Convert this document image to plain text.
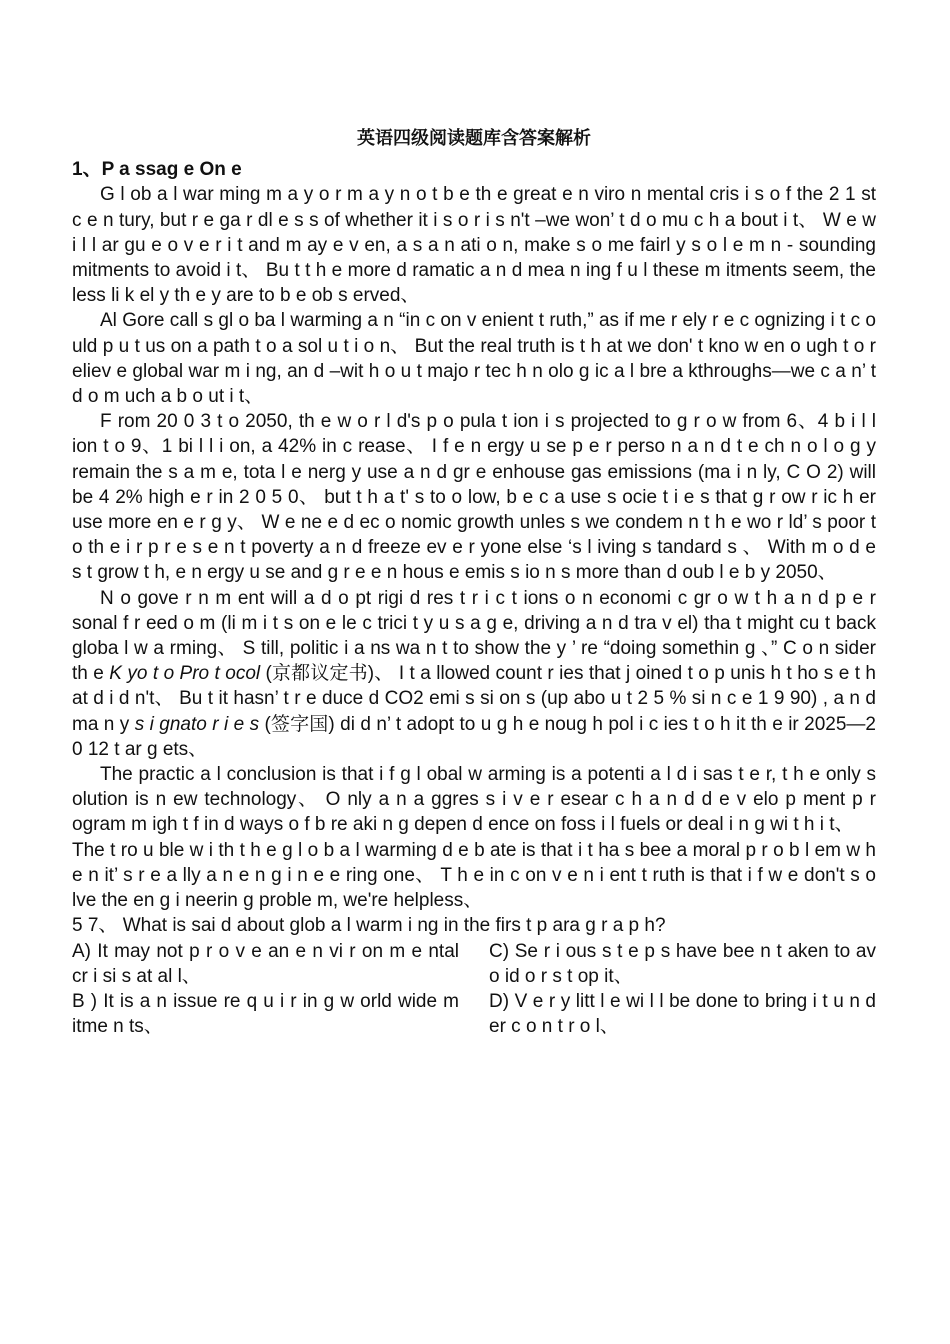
英语四级阅读题库含答案解析
1、P a ssag e On e

G l ob a l war ming m a y o r m a y n o t b e th e great e n viro n mental cris i s o f the 2 1 st c e n tury, but r e ga r dl e s s of whether it i s o r i s n't –we won’ t d o mu c h a bout i t、 W e w i l l ar gu e o v e r i t and m ay e v en, a s a n ati o n, make s o me fairl y s o l e m n - sounding mitments to avoid i t、 Bu t t h e more d ramatic a n d mea n ing f u l these m itments seem, the less li k el y th e y are to b e ob s erved、

Al Gore call s gl o ba l warming a n “in c on v enient t ruth,” as if me r ely r e c ognizing i t c o uld p u t us on a path t o a sol u t i o n、 But the real truth is t h at we don' t kno w en o ugh t o r eliev e global war m i ng, an d –wit h o u t majo r tec h n olo g ic a l bre a kthroughs—we c a n’ t d o m uch a b o ut i t、

F rom 20 0 3 t o 2050, th e w o r l d's p o pula t ion i s projected to g r o w from 6、4 b i l l ion t o 9、1 bi l l i on, a 42% in c rease、 I f e n ergy u se p e r perso n a n d t e ch n o l o g y remain the s a m e, tota l e nerg y use a n d gr e enhouse gas emissions (ma i n ly, C O 2) will be 4 2% high e r in 2 0 5 0、 but t h a t' s to o low, b e c a use s ocie t i e s that g r ow r ic h er use more en e r g y、 W e ne e d ec o nomic growth unles s we condem n t h e wo r ld’ s poor t o th e i r p r e s e n t poverty a n d freeze ev e r yone else ‘s l iving s tandard s 、 With m o d e s t grow t h, e n ergy u se and g r e e n hous e emis s io n s more than d oub l e b y 2050、

N o gove r n m ent will a d o pt rigi d res t r i c t ions o n economi c gr o w t h a n d p e r sonal f r eed o m (li m i t s on e le c trici t y u s a g e, driving a n d tra v el) tha t might cu t back globa l w a rming、 S till, politic i a ns wa n t to show the y ’ re “doing somethin g 、” C o n sider th e K yo t o Pro t ocol (京都议定书)、 I t a llowed count r ies that j oined t o p unis h t ho s e t h at d i d n't、 Bu t it hasn’ t r e duce d CO2 emi s si on s (up abo u t 2 5 % si n c e 1 9 90) , a n d ma n y s i gnato r i e s (签字国) di d n’ t adopt to u g h e noug h pol i c ies t o h it th e ir 2025—2 0 12 t ar g ets、

The practic a l conclusion is that i f g l obal w arming is a potenti a l d i sas t e r, t h e only s olution is n ew technology、 O nly a n a ggres s i v e r esear c h a n d d e v elo p ment p r ogram m igh t f in d ways o f b re aki n g depen d ence on foss i l fuels or deal i n g wi t h i t、

The t ro u ble w i th t h e g l o b a l warming d e b ate is that i t ha s bee a moral p r o b l em w h e n it’ s r e a lly a n e n g i n e e ring one、 T h e in c on v e n i ent t ruth is that i f w e don't s o lve the en g i neerin g proble m, we're helpless、

5 7、 What is sai d about glob a l warm i ng in the firs t p ara g r a p h?

A) It may not p r o v e an e n vi r on m e ntal cr i si s at al l、

C) Se r i ous s t e p s have bee n t aken to av o id o r s t op it、

B ) It is a n issue re q u i r in g w orld wide m itme n ts、

D) V e r y litt l e wi l l be done to bring i t u n d er c o n t r o l、
